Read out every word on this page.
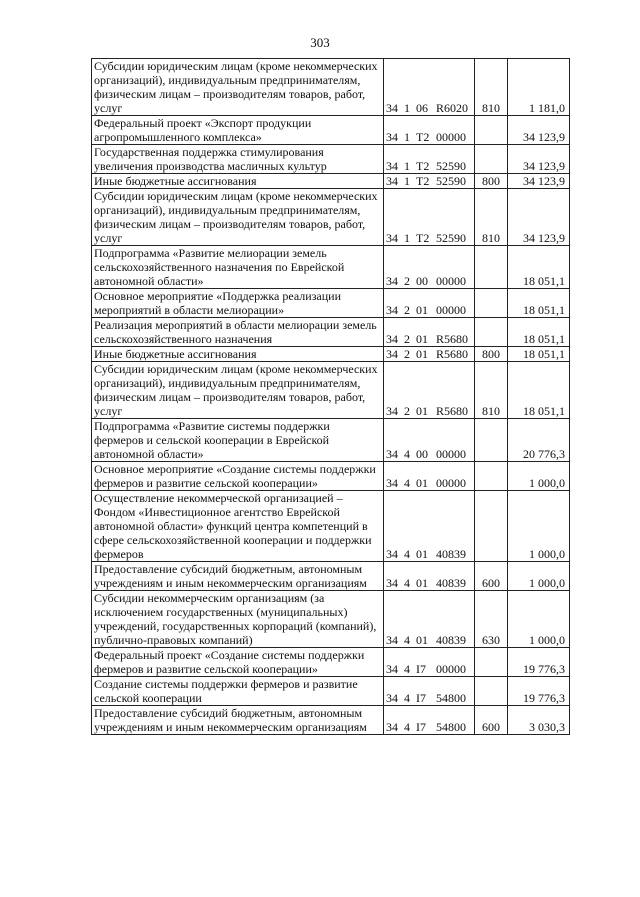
303
Субсидии юридическим лицам (кроме некоммерческих организаций), индивидуальным предпринимателям, физическим лицам – производителям товаров, работ, услуг	34 1 06 R6020	810	1 181,0
Федеральный проект «Экспорт продукции агропромышленного комплекса»	34 1 T2 00000		34 123,9
Государственная поддержка стимулирования увеличения производства масличных культур	34 1 T2 52590		34 123,9
Иные бюджетные ассигнования	34 1 T2 52590	800	34 123,9
Субсидии юридическим лицам (кроме некоммерческих организаций), индивидуальным предпринимателям, физическим лицам – производителям товаров, работ, услуг	34 1 T2 52590	810	34 123,9
Подпрограмма «Развитие мелиорации земель сельскохозяйственного назначения по Еврейской автономной области»	34 2 00 00000		18 051,1
Основное мероприятие «Поддержка реализации мероприятий в области мелиорации»	34 2 01 00000		18 051,1
Реализация мероприятий в области мелиорации земель сельскохозяйственного назначения	34 2 01 R5680		18 051,1
Иные бюджетные ассигнования	34 2 01 R5680	800	18 051,1
Субсидии юридическим лицам (кроме некоммерческих организаций), индивидуальным предпринимателям, физическим лицам – производителям товаров, работ, услуг	34 2 01 R5680	810	18 051,1
Подпрограмма «Развитие системы поддержки фермеров и сельской кооперации в Еврейской автономной области»	34 4 00 00000		20 776,3
Основное мероприятие «Создание системы поддержки фермеров и развитие сельской кооперации»	34 4 01 00000		1 000,0
Осуществление некоммерческой организацией – Фондом «Инвестиционное агентство Еврейской автономной области» функций центра компетенций в сфере сельскохозяйственной кооперации и поддержки фермеров	34 4 01 40839		1 000,0
Предоставление субсидий бюджетным, автономным учреждениям и иным некоммерческим организациям	34 4 01 40839	600	1 000,0
Субсидии некоммерческим организациям (за исключением государственных (муниципальных) учреждений, государственных корпораций (компаний), публично-правовых компаний)	34 4 01 40839	630	1 000,0
Федеральный проект «Создание системы поддержки фермеров и развитие сельской кооперации»	34 4 I7 00000		19 776,3
Создание системы поддержки фермеров и развитие сельской кооперации	34 4 I7 54800		19 776,3
Предоставление субсидий бюджетным, автономным учреждениям и иным некоммерческим организациям	34 4 I7 54800	600	3 030,3
